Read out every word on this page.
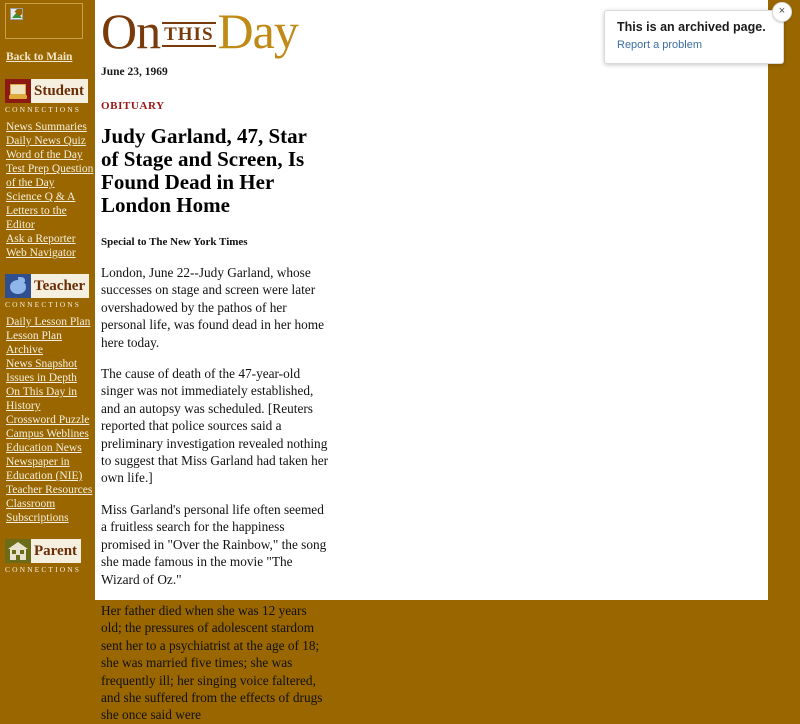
On THISDay
June 23, 1969
OBITUARY
Judy Garland, 47, Star of Stage and Screen, Is Found Dead in Her London Home
Special to The New York Times

London, June 22--Judy Garland, whose successes on stage and screen were later overshadowed by the pathos of her personal life, was found dead in her home here today.

The cause of death of the 47-year-old singer was not immediately established, and an autopsy was scheduled. [Reuters reported that police sources said a preliminary investigation revealed nothing to suggest that Miss Garland had taken her own life.]

Miss Garland's personal life often seemed a fruitless search for the happiness promised in "Over the Rainbow," the song she made famous in the movie "The Wizard of Oz."

Her father died when she was 12 years old; the pressures of adolescent stardom sent her to a psychiatrist at the age of 18; she was married five times; she was frequently ill; her singing voice faltered, and she suffered from the effects of drugs she once said were

Back to Main
Student
CONNECTIONS
News Summaries
Daily News Quiz
Word of the Day
Test Prep Question of the Day
Science Q & A
Letters to the Editor
Ask a Reporter
Web Navigator
Teacher
CONNECTIONS
Daily Lesson Plan
Lesson Plan Archive
News Snapshot
Issues in Depth
On This Day in History
Crossword Puzzle
Campus Weblines
Education News
Newspaper in Education (NIE) Teacher Resources
Classroom Subscriptions
Parent
CONNECTIONS
This is an archived page.
Report a problem
×
